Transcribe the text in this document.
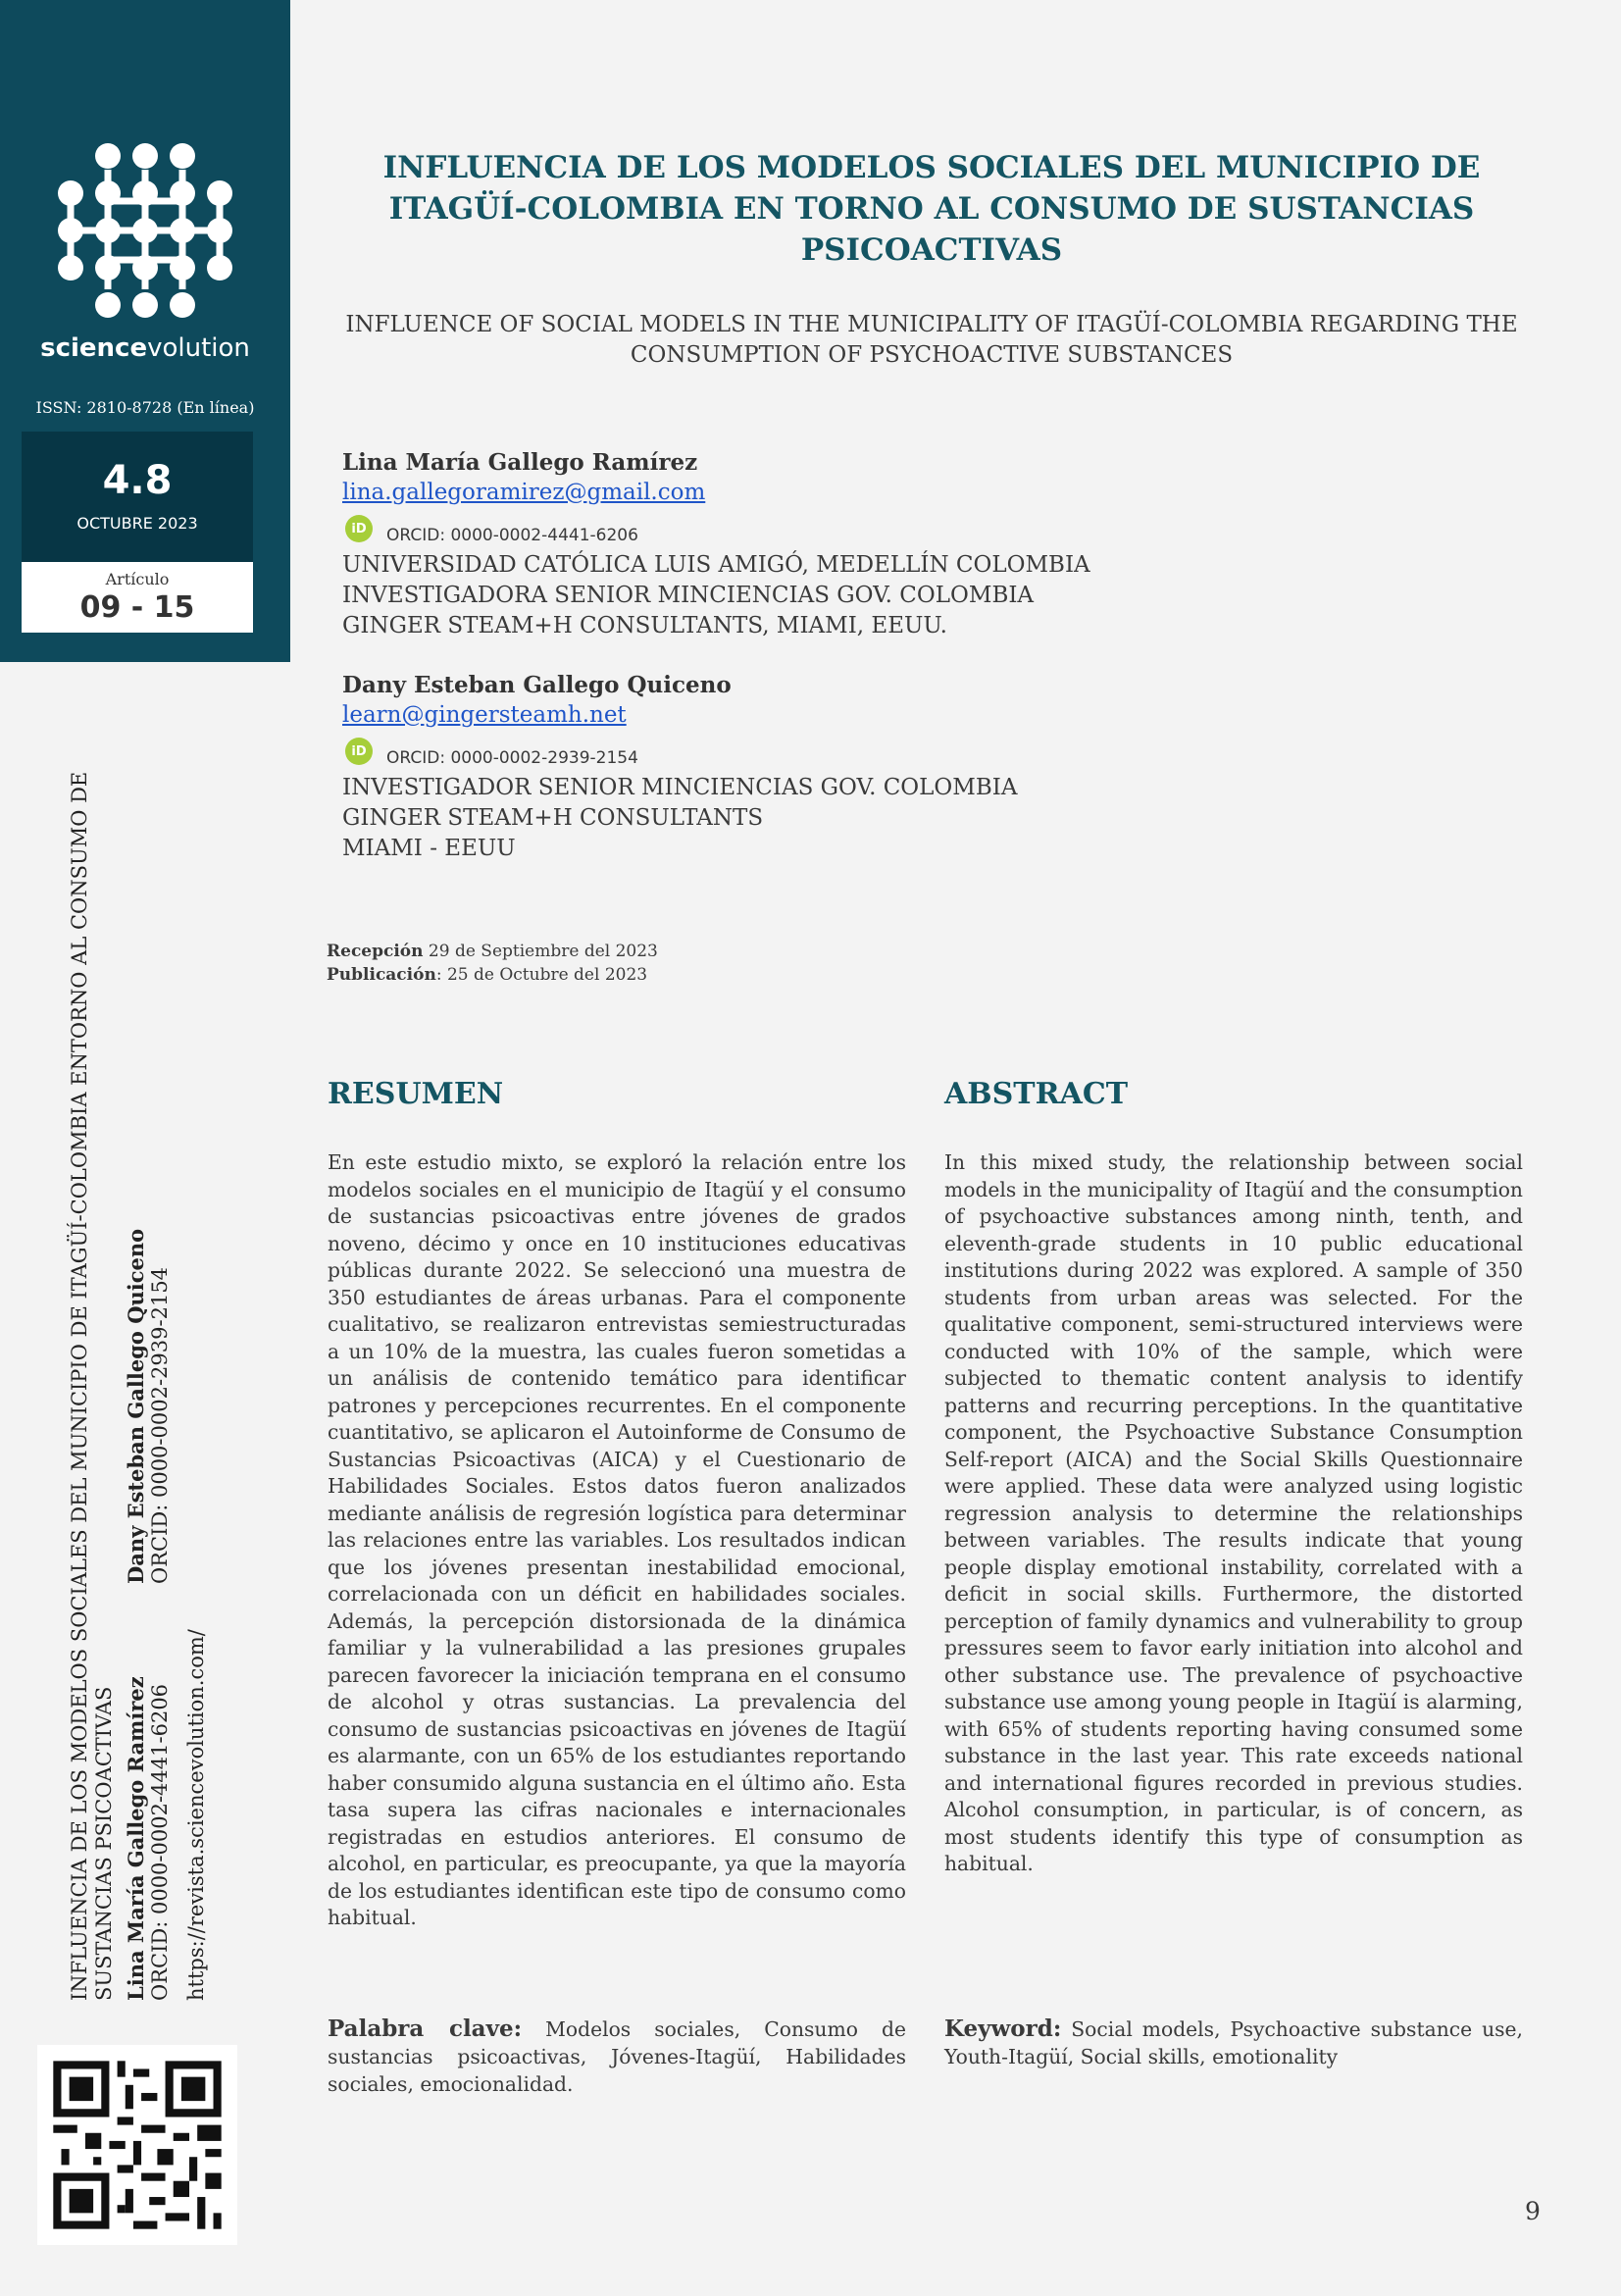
sciencevolution
ISSN: 2810-8728 (En línea)
4.8
OCTUBRE 2023
Artículo
09 - 15
INFLUENCIA DE LOS MODELOS SOCIALES DEL MUNICIPIO DE ITAGÜÍ-COLOMBIA EN TORNO AL CONSUMO DE SUSTANCIAS PSICOACTIVAS
INFLUENCE OF SOCIAL MODELS IN THE MUNICIPALITY OF ITAGÜÍ-COLOMBIA REGARDING THE CONSUMPTION OF PSYCHOACTIVE SUBSTANCES
Lina María Gallego Ramírez
lina.gallegoramirez@gmail.com
iD	ORCID: 0000-0002-4441-6206
UNIVERSIDAD CATÓLICA LUIS AMIGÓ, MEDELLÍN COLOMBIA
INVESTIGADORA SENIOR MINCIENCIAS GOV. COLOMBIA
GINGER STEAM+H CONSULTANTS, MIAMI, EEUU.
Dany Esteban Gallego Quiceno
learn@gingersteamh.net
iD	ORCID: 0000-0002-2939-2154
INVESTIGADOR SENIOR MINCIENCIAS GOV. COLOMBIA
GINGER STEAM+H CONSULTANTS
MIAMI - EEUU
Recepción 29 de Septiembre del 2023
Publicación: 25 de Octubre del 2023
RESUMEN
En este estudio mixto, se exploró la relación entre los modelos sociales en el municipio de Itagüí y el consumo de sustancias psicoactivas entre jóvenes de grados noveno, décimo y once en 10 instituciones educativas públicas durante 2022. Se seleccionó una muestra de 350 estudiantes de áreas urbanas. Para el componente cualitativo, se realizaron entrevistas semiestructuradas a un 10% de la muestra, las cuales fueron sometidas a un análisis de contenido temático para identificar patrones y percepciones recurrentes. En el componente cuantitativo, se aplicaron el Autoinforme de Consumo de Sustancias Psicoactivas (AICA) y el Cuestionario de Habilidades Sociales. Estos datos fueron analizados mediante análisis de regresión logística para determinar las relaciones entre las variables. Los resultados indican que los jóvenes presentan inestabilidad emocional, correlacionada con un déficit en habilidades sociales. Además, la percepción distorsionada de la dinámica familiar y la vulnerabilidad a las presiones grupales parecen favorecer la iniciación temprana en el consumo de alcohol y otras sustancias. La prevalencia del consumo de sustancias psicoactivas en jóvenes de Itagüí es alarmante, con un 65% de los estudiantes reportando haber consumido alguna sustancia en el último año. Esta tasa supera las cifras nacionales e internacionales registradas en estudios anteriores. El consumo de alcohol, en particular, es preocupante, ya que la mayoría de los estudiantes identifican este tipo de consumo como habitual.
Palabra clave: Modelos sociales, Consumo de sustancias psicoactivas, Jóvenes-Itagüí, Habilidades sociales, emocionalidad.
ABSTRACT
In this mixed study, the relationship between social models in the municipality of Itagüí and the consumption of psychoactive substances among ninth, tenth, and eleventh-grade students in 10 public educational institutions during 2022 was explored. A sample of 350 students from urban areas was selected. For the qualitative component, semi-structured interviews were conducted with 10% of the sample, which were subjected to thematic content analysis to identify patterns and recurring perceptions. In the quantitative component, the Psychoactive Substance Consumption Self-report (AICA) and the Social Skills Questionnaire were applied. These data were analyzed using logistic regression analysis to determine the relationships between variables. The results indicate that young people display emotional instability, correlated with a deficit in social skills. Furthermore, the distorted perception of family dynamics and vulnerability to group pressures seem to favor early initiation into alcohol and other substance use. The prevalence of psychoactive substance use among young people in Itagüí is alarming, with 65% of students reporting having consumed some substance in the last year. This rate exceeds national and international figures recorded in previous studies. Alcohol consumption, in particular, is of concern, as most students identify this type of consumption as habitual.
Keyword: Social models, Psychoactive substance use, Youth-Itagüí, Social skills, emotionality
INFLUENCIA DE LOS MODELOS SOCIALES DEL MUNICIPIO DE ITAGÜÍ-COLOMBIA ENTORNO AL CONSUMO DE SUSTANCIAS PSICOACTIVAS Lina María Gallego Ramírez ORCID: 0000-0002-4441-6206
Dany Esteban Gallego Quiceno ORCID: 0000-0002-2939-2154
https://revista.sciencevolution.com/
9
